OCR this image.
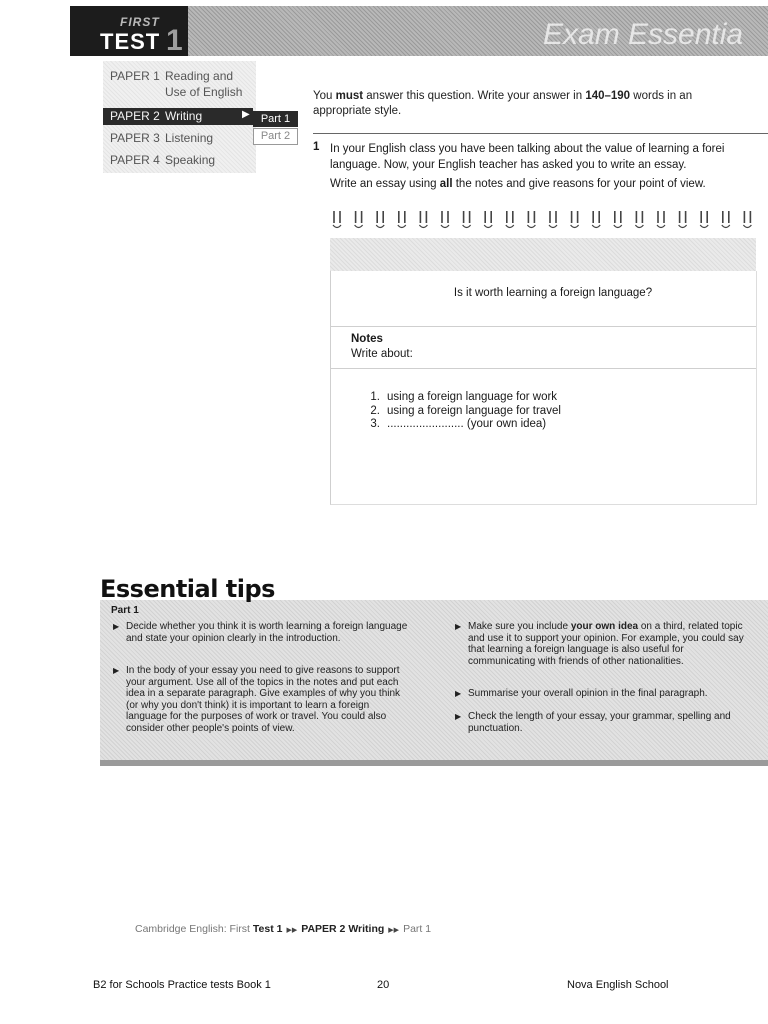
FIRST
TEST 1	Exam Essentia
PAPER 1 Reading and
Use of English
PAPER 2 Writing	▶	Part 1
Part 2
PAPER 3 Listening
PAPER 4 Speaking
You must answer this question. Write your answer in 140–190 words in an appropriate style.
1 In your English class you have been talking about the value of learning a forei
language. Now, your English teacher has asked you to write an essay.
Write an essay using all the notes and give reasons for your point of view.
Is it worth learning a foreign language?
Notes
Write about:
1. using a foreign language for work
2. using a foreign language for travel
3. ........................ (your own idea)
Essential tips
Part 1
▶ Decide whether you think it is worth learning a foreign language and state your opinion clearly in the introduction.
▶ In the body of your essay you need to give reasons to support your argument. Use all of the topics in the notes and put each idea in a separate paragraph. Give examples of why you think (or why you don't think) it is important to learn a foreign language for the purposes of work or travel. You could also consider other people's points of view.
▶ Make sure you include your own idea on a third, related topic and use it to support your opinion. For example, you could say that learning a foreign language is also useful for communicating with friends of other nationalities.
▶ Summarise your overall opinion in the final paragraph.
▶ Check the length of your essay, your grammar, spelling and punctuation.
Cambridge English: First Test 1 ▶▶ PAPER 2 Writing ▶▶ Part 1
B2 for Schools Practice tests Book 1	20	Nova English School
